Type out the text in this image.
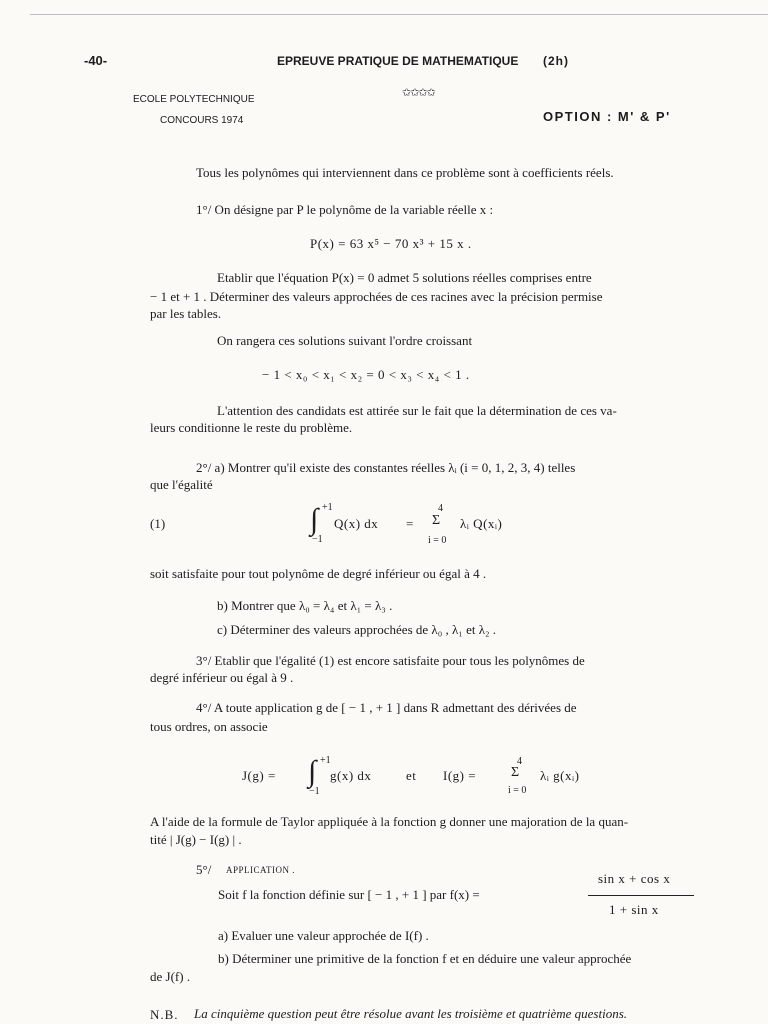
-40-	EPREUVE PRATIQUE DE MATHEMATIQUE (2h)
ECOLE POLYTECHNIQUE
✩✩✩✩
CONCOURS 1974	OPTION : M' & P'
Tous les polynômes qui interviennent dans ce problème sont à coefficients réels.
1°/ On désigne par P le polynôme de la variable réelle x :
P(x) = 63 x⁵ − 70 x³ + 15 x .
Etablir que l'équation P(x) = 0 admet 5 solutions réelles comprises entre
− 1 et + 1 . Déterminer des valeurs approchées de ces racines avec la précision permise
par les tables.
On rangera ces solutions suivant l'ordre croissant
− 1 < x₀ < x₁ < x₂ = 0 < x₃ < x₄ < 1 .
L'attention des candidats est attirée sur le fait que la détermination de ces va-
leurs conditionne le reste du problème.
2°/ a) Montrer qu'il existe des constantes réelles λᵢ (i = 0, 1, 2, 3, 4) telles
que l'égalité
(1)	∫ +1
−1
Q(x) dx =
4
Σ
i = 0
λᵢ Q(xᵢ)
soit satisfaite pour tout polynôme de degré inférieur ou égal à 4 .
b) Montrer que λ₀ = λ₄ et λ₁ = λ₃ .
c) Déterminer des valeurs approchées de λ₀ , λ₁ et λ₂ .
3°/ Etablir que l'égalité (1) est encore satisfaite pour tous les polynômes de
degré inférieur ou égal à 9 .
4°/ A toute application g de [ − 1 , + 1 ] dans R admettant des dérivées de
tous ordres, on associe
J(g) = ∫ +1
−1
g(x) dx	et I(g) =
4
Σ
i = 0
λᵢ g(xᵢ)
A l'aide de la formule de Taylor appliquée à la fonction g donner une majoration de la quan-
tité | J(g) − I(g) | .
5°/ APPLICATION .
Soit f la fonction définie sur [ − 1 , + 1 ] par f(x) =
sin x + cos x
1 + sin x
a) Evaluer une valeur approchée de I(f) .
b) Déterminer une primitive de la fonction f et en déduire une valeur approchée
de J(f) .
N.B. La cinquième question peut être résolue avant les troisième et quatrième questions.
